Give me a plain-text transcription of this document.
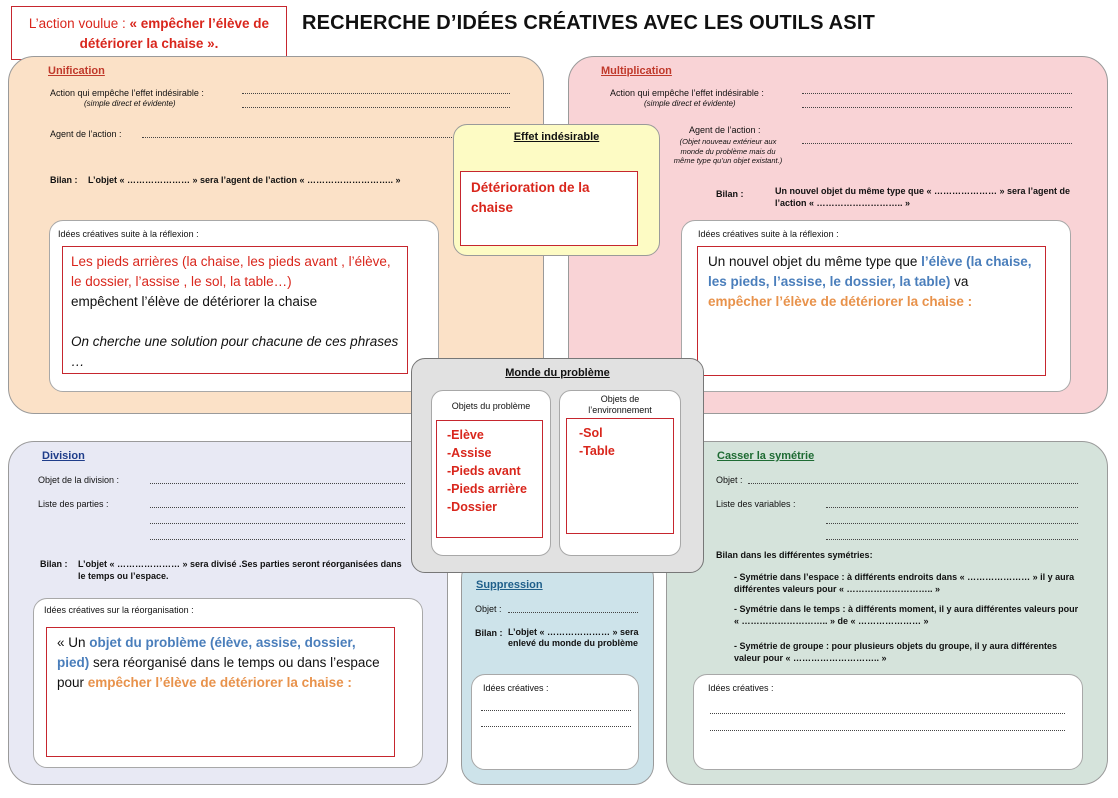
L’action voulue : « empêcher l’élève de détériorer la chaise ».
RECHERCHE D’IDÉES CRÉATIVES AVEC LES OUTILS ASIT
Unification
Action qui empêche l’effet indésirable :
(simple direct et évidente)
Agent de l’action :
Bilan : L’objet « ………………… » sera l’agent de l’action « ……………………….. »
Idées créatives suite à la réflexion :
Les pieds arrières (la chaise, les pieds avant , l’élève, le dossier, l’assise , le sol, la table…)
empêchent l’élève de détériorer la chaise
On cherche une solution pour chacune de ces phrases …
Multiplication
Action qui empêche l’effet indésirable :
(simple direct et évidente)
Agent de l’action :
(Objet nouveau extérieur aux monde du problème mais du même type qu’un objet existant.)
Bilan :	Un nouvel objet du même type que « ………………… » sera l’agent de l’action « ……………………….. »
Idées créatives suite à la réflexion :
Un nouvel objet du même type que l’élève (la chaise, les pieds, l’assise, le dossier, la table) va empêcher l’élève de détériorer la chaise :
Effet indésirable
Détérioration de la chaise
Division
Objet de la division :
Liste des parties :
Bilan : L’objet « ………………… » sera divisé .Ses parties seront réorganisées dans le temps ou l’espace.
Idées créatives sur la réorganisation :
« Un objet du problème (élève, assise, dossier, pied) sera réorganisé dans le temps ou dans l’espace pour empêcher l’élève de détériorer la chaise :
Suppression
Objet :
Bilan : L’objet « ………………… » sera enlevé du monde du problème
Idées créatives :
Casser la symétrie
Objet :
Liste des variables :
Bilan dans les différentes symétries:
- Symétrie dans l’espace : à différents endroits dans « ………………… » il y aura différentes valeurs pour « ……………………….. »
- Symétrie dans le temps : à différents moment, il y aura différentes valeurs pour « ……………………….. » de « ………………… »
- Symétrie de groupe : pour plusieurs objets du groupe, il y aura différentes valeur pour « ……………………….. »
Idées créatives :
Monde du problème
Objets du problème
-Elève
-Assise
-Pieds avant
-Pieds arrière
-Dossier
Objets de l’environnement
-Sol
-Table
